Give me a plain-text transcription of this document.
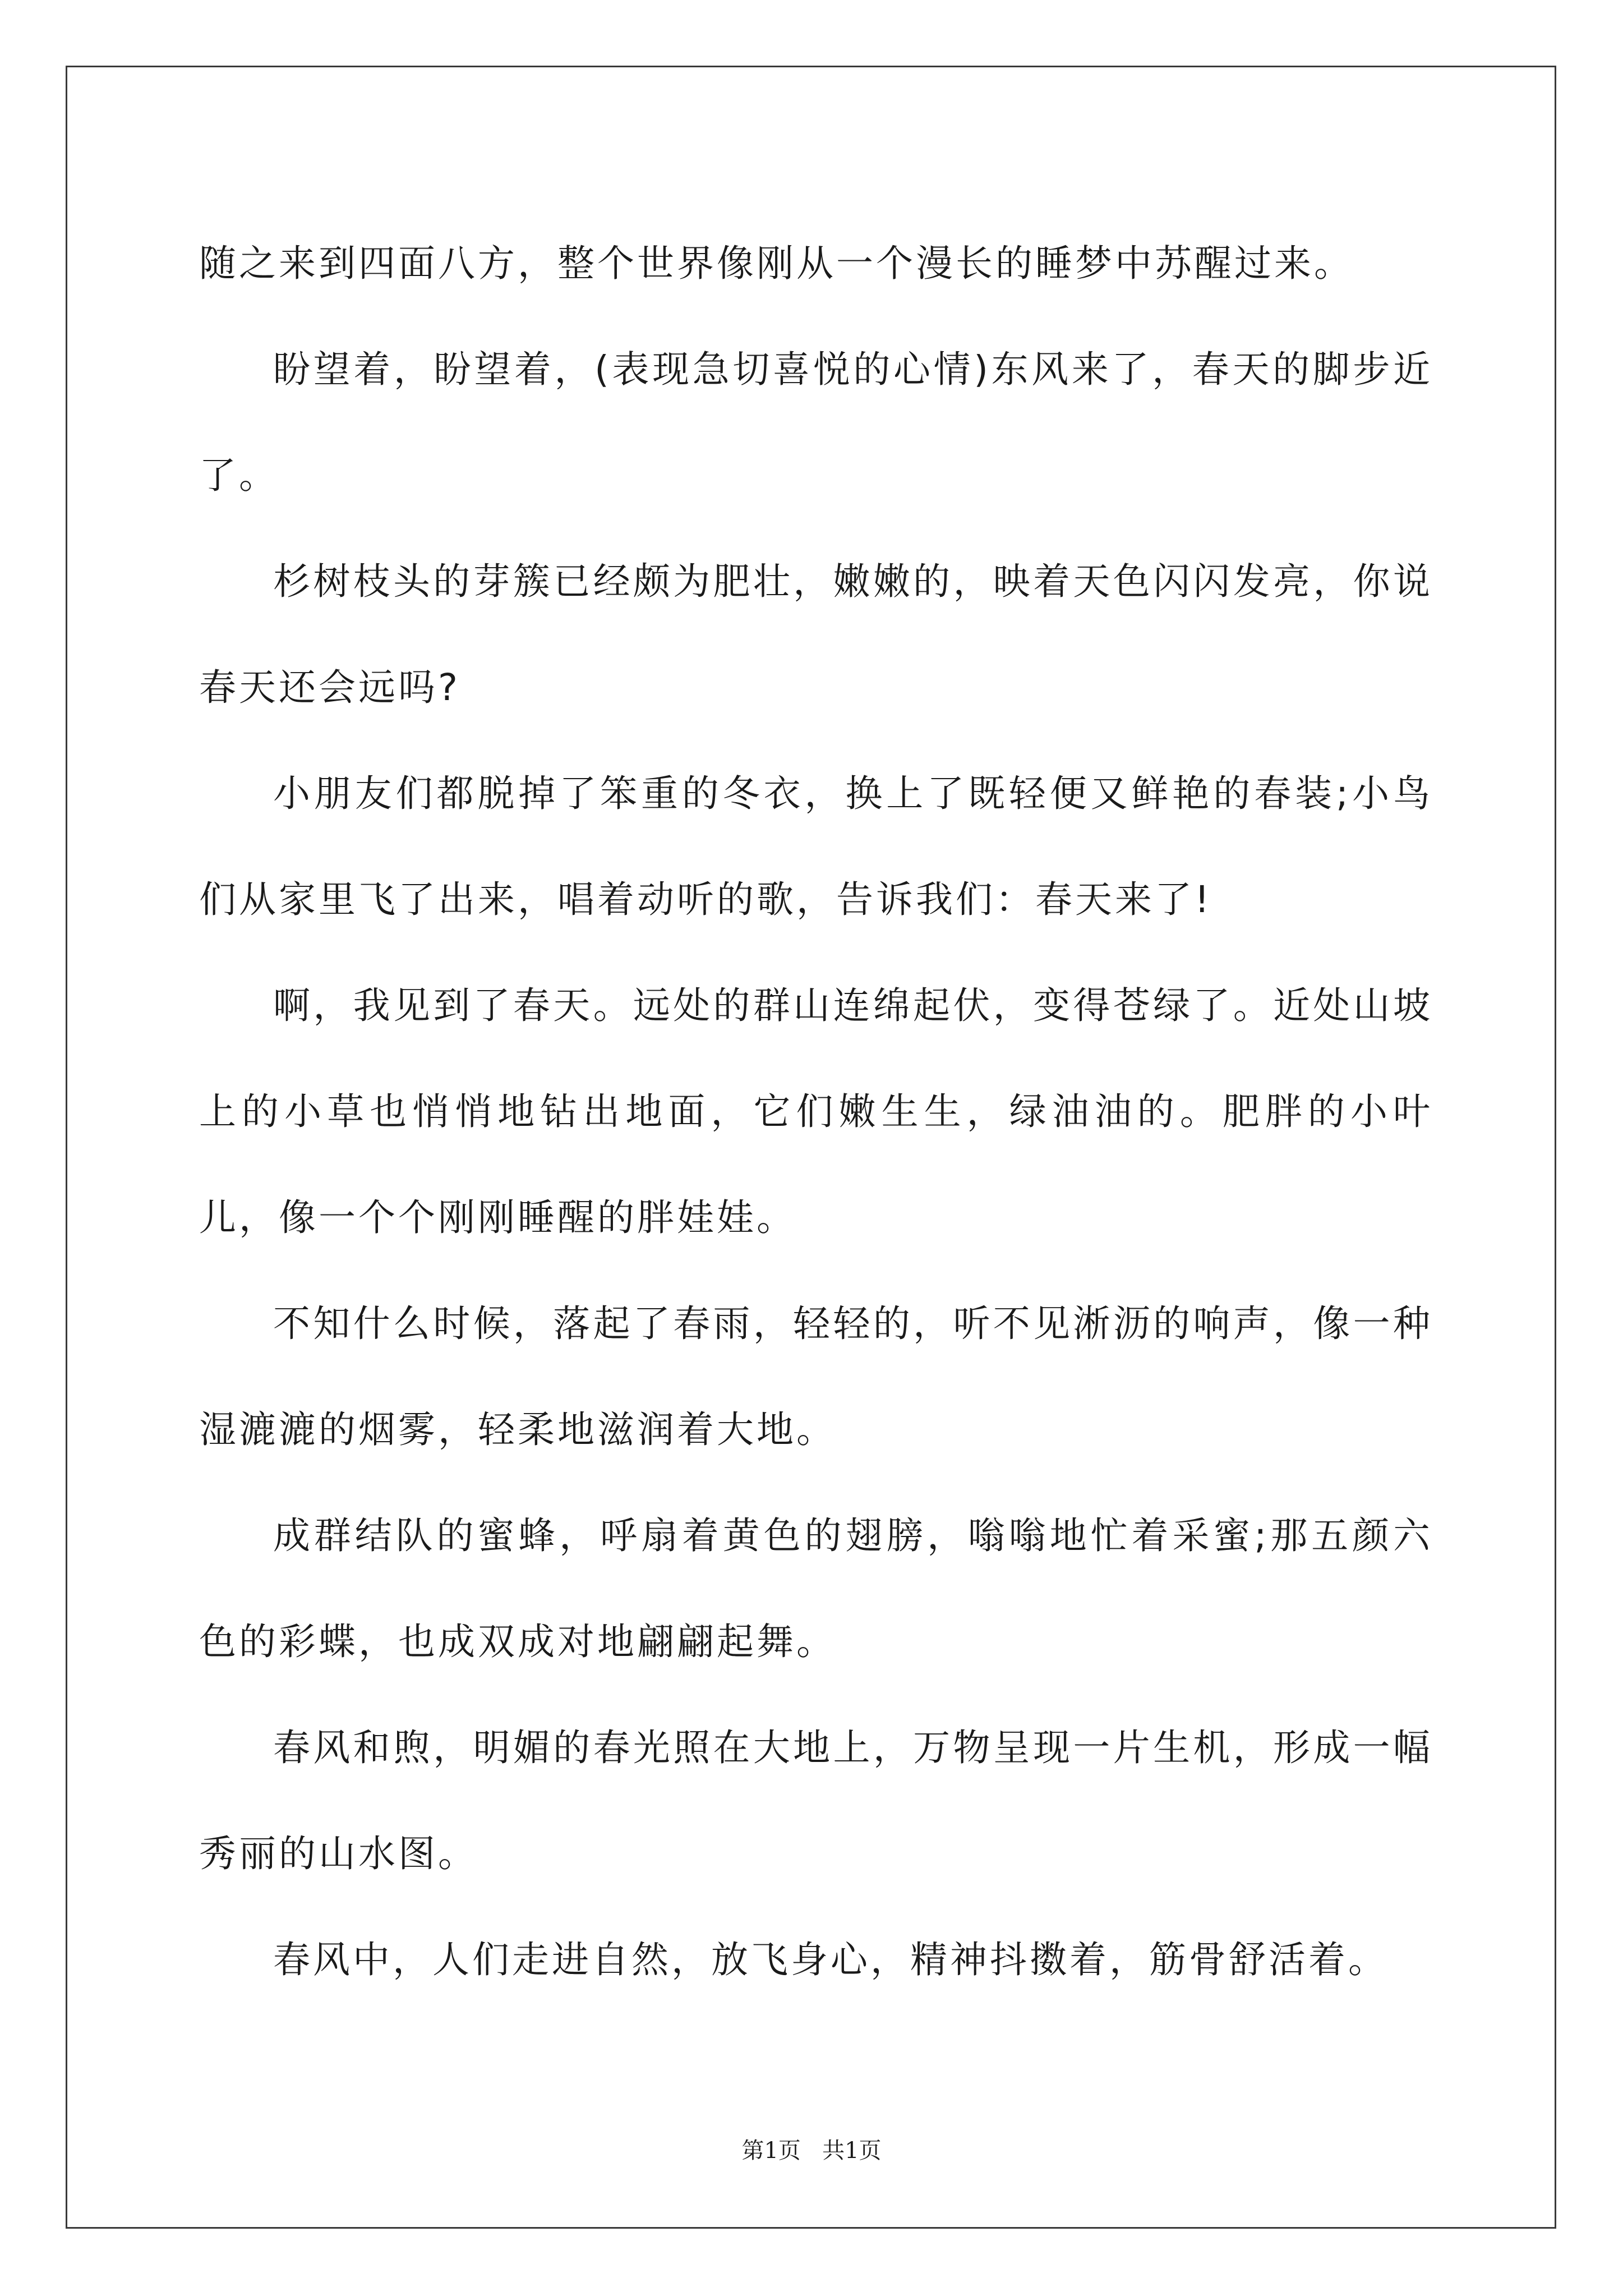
随之来到四面八方，整个世界像刚从一个漫长的睡梦中苏醒过来。

盼望着，盼望着，(表现急切喜悦的心情)东风来了，春天的脚步近了。

杉树枝头的芽簇已经颇为肥壮，嫩嫩的，映着天色闪闪发亮，你说春天还会远吗?

小朋友们都脱掉了笨重的冬衣，换上了既轻便又鲜艳的春装;小鸟们从家里飞了出来，唱着动听的歌，告诉我们：春天来了!

啊，我见到了春天。远处的群山连绵起伏，变得苍绿了。近处山坡上的小草也悄悄地钻出地面，它们嫩生生，绿油油的。肥胖的小叶儿，像一个个刚刚睡醒的胖娃娃。

不知什么时候，落起了春雨，轻轻的，听不见淅沥的响声，像一种湿漉漉的烟雾，轻柔地滋润着大地。

成群结队的蜜蜂，呼扇着黄色的翅膀，嗡嗡地忙着采蜜;那五颜六色的彩蝶，也成双成对地翩翩起舞。

春风和煦，明媚的春光照在大地上，万物呈现一片生机，形成一幅秀丽的山水图。

春风中，人们走进自然，放飞身心，精神抖擞着，筋骨舒活着。

第1页 共1页
